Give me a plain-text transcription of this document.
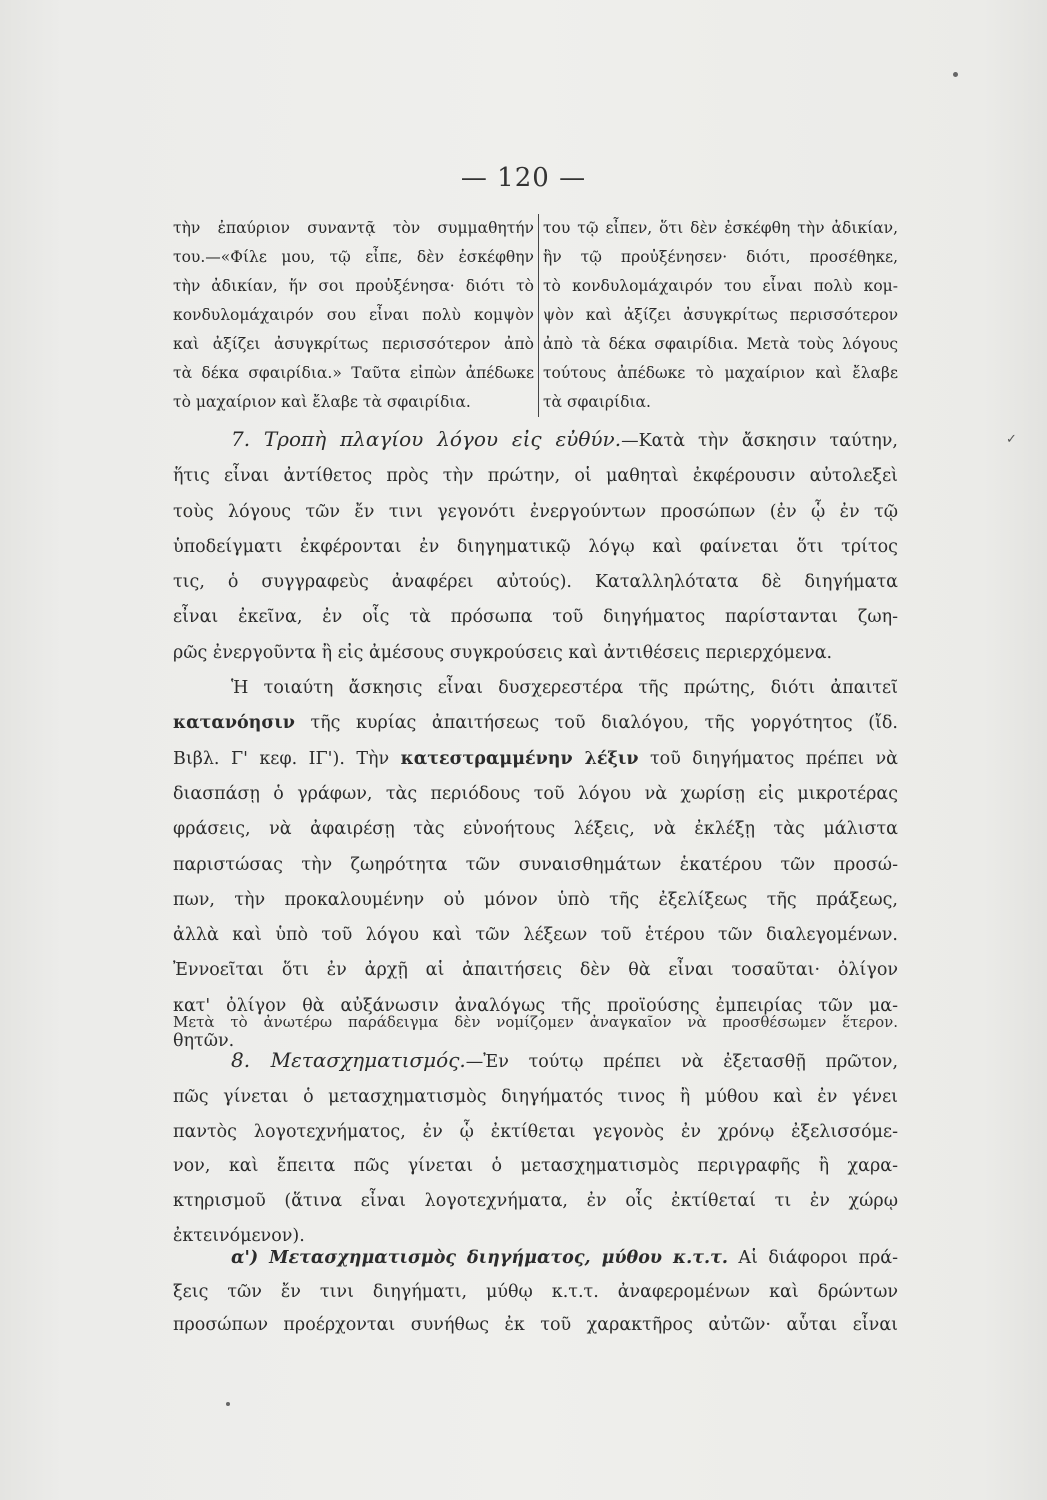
— 120 —
τὴν ἐπαύριον συναντᾷ τὸν συμμαθητήν
του.—«Φίλε μου, τῷ εἶπε, δὲν ἐσκέφθην
τὴν ἀδικίαν, ἥν σοι προὐξένησα· διότι τὸ
κονδυλομάχαιρόν σου εἶναι πολὺ κομψὸν
καὶ ἀξίζει ἀσυγκρίτως περισσότερον ἀπὸ
τὰ δέκα σφαιρίδια.» Ταῦτα εἰπὼν ἀπέδωκε
τὸ μαχαίριον καὶ ἔλαβε τὰ σφαιρίδια.
του τῷ εἶπεν, ὅτι δὲν ἐσκέφθη τὴν ἀδικίαν,
ἣν τῷ προὐξένησεν· διότι, προσέθηκε,
τὸ κονδυλομάχαιρόν του εἶναι πολὺ κομ-
ψὸν καὶ ἀξίζει ἀσυγκρίτως περισσότερον
ἀπὸ τὰ δέκα σφαιρίδια. Μετὰ τοὺς λόγους
τούτους ἀπέδωκε τὸ μαχαίριον καὶ ἔλαβε
τὰ σφαιρίδια.
7. Τροπὴ πλαγίου λόγου εἰς εὐθύν.—Κατὰ τὴν ἄσκησιν ταύτην,
ἥτις εἶναι ἀντίθετος πρὸς τὴν πρώτην, οἱ μαθηταὶ ἐκφέρουσιν αὐτολεξεὶ
τοὺς λόγους τῶν ἔν τινι γεγονότι ἐνεργούντων προσώπων (ἐν ᾧ ἐν τῷ
ὑποδείγματι ἐκφέρονται ἐν διηγηματικῷ λόγῳ καὶ φαίνεται ὅτι τρίτος
τις, ὁ συγγραφεὺς ἀναφέρει αὐτούς). Καταλληλότατα δὲ διηγήματα
εἶναι ἐκεῖνα, ἐν οἷς τὰ πρόσωπα τοῦ διηγήματος παρίστανται ζωη-
ρῶς ἐνεργοῦντα ἢ εἰς ἀμέσους συγκρούσεις καὶ ἀντιθέσεις περιερχόμενα.
Ἡ τοιαύτη ἄσκησις εἶναι δυσχερεστέρα τῆς πρώτης, διότι ἀπαιτεῖ
κατανόησιν τῆς κυρίας ἀπαιτήσεως τοῦ διαλόγου, τῆς γοργότητος (ἴδ.
Βιβλ. Γ' κεφ. ΙΓ'). Τὴν κατεστραμμένην λέξιν τοῦ διηγήματος πρέπει νὰ
διασπάσῃ ὁ γράφων, τὰς περιόδους τοῦ λόγου νὰ χωρίσῃ εἰς μικροτέρας
φράσεις, νὰ ἀφαιρέσῃ τὰς εὐνοήτους λέξεις, νὰ ἐκλέξῃ τὰς μάλιστα
παριστώσας τὴν ζωηρότητα τῶν συναισθημάτων ἑκατέρου τῶν προσώ-
πων, τὴν προκαλουμένην οὐ μόνον ὑπὸ τῆς ἐξελίξεως τῆς πράξεως,
ἀλλὰ καὶ ὑπὸ τοῦ λόγου καὶ τῶν λέξεων τοῦ ἑτέρου τῶν διαλεγομένων.
Ἐννοεῖται ὅτι ἐν ἀρχῇ αἱ ἀπαιτήσεις δὲν θὰ εἶναι τοσαῦται· ὀλίγον
κατ' ὀλίγον θὰ αὐξάνωσιν ἀναλόγως τῆς προϊούσης ἐμπειρίας τῶν μα-
θητῶν.
Μετὰ τὸ ἀνωτέρω παράδειγμα δὲν νομίζομεν ἀναγκαῖον νὰ προσθέσωμεν ἕτερον.
8. Μετασχηματισμός.—Ἐν τούτῳ πρέπει νὰ ἐξετασθῇ πρῶτον,
πῶς γίνεται ὁ μετασχηματισμὸς διηγήματός τινος ἢ μύθου καὶ ἐν γένει
παντὸς λογοτεχνήματος, ἐν ᾧ ἐκτίθεται γεγονὸς ἐν χρόνῳ ἐξελισσόμε-
νον, καὶ ἔπειτα πῶς γίνεται ὁ μετασχηματισμὸς περιγραφῆς ἢ χαρα-
κτηρισμοῦ (ἅτινα εἶναι λογοτεχνήματα, ἐν οἷς ἐκτίθεταί τι ἐν χώρῳ
ἐκτεινόμενον).
α') Μετασχηματισμὸς διηγήματος, μύθου κ.τ.τ. Αἱ διάφοροι πρά-
ξεις τῶν ἔν τινι διηγήματι, μύθῳ κ.τ.τ. ἀναφερομένων καὶ δρώντων
προσώπων προέρχονται συνήθως ἐκ τοῦ χαρακτῆρος αὐτῶν· αὗται εἶναι
✓
